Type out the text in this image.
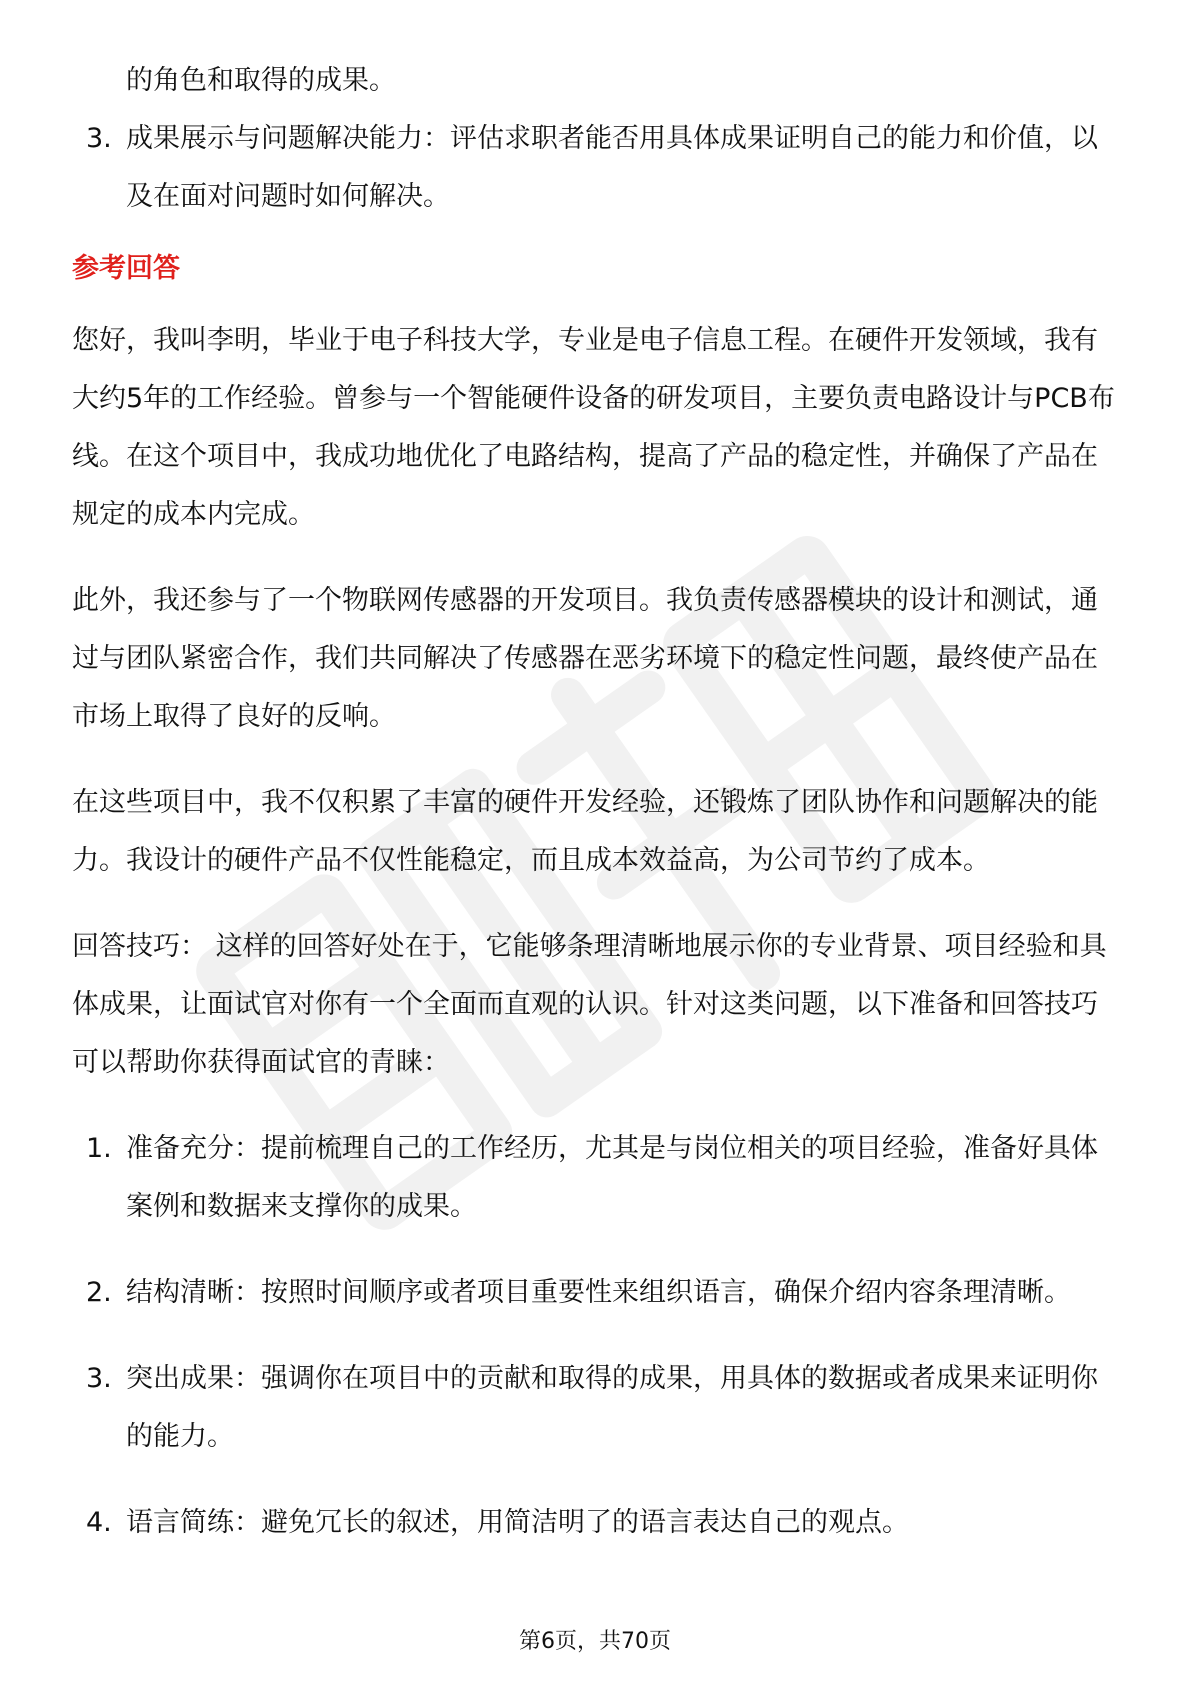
的角色和取得的成果。
3. 成果展示与问题解决能力：评估求职者能否用具体成果证明自己的能力和价值，以及在面对问题时如何解决。
参考回答

您好，我叫李明，毕业于电子科技大学，专业是电子信息工程。在硬件开发领域，我有大约5年的工作经验。曾参与一个智能硬件设备的研发项目，主要负责电路设计与PCB布线。在这个项目中，我成功地优化了电路结构，提高了产品的稳定性，并确保了产品在规定的成本内完成。

此外，我还参与了一个物联网传感器的开发项目。我负责传感器模块的设计和测试，通过与团队紧密合作，我们共同解决了传感器在恶劣环境下的稳定性问题，最终使产品在市场上取得了良好的反响。

在这些项目中，我不仅积累了丰富的硬件开发经验，还锻炼了团队协作和问题解决的能力。我设计的硬件产品不仅性能稳定，而且成本效益高，为公司节约了成本。

回答技巧： 这样的回答好处在于，它能够条理清晰地展示你的专业背景、项目经验和具体成果，让面试官对你有一个全面而直观的认识。针对这类问题，以下准备和回答技巧可以帮助你获得面试官的青睐：

1. 准备充分：提前梳理自己的工作经历，尤其是与岗位相关的项目经验，准备好具体案例和数据来支撑你的成果。
2. 结构清晰：按照时间顺序或者项目重要性来组织语言，确保介绍内容条理清晰。
3. 突出成果：强调你在项目中的贡献和取得的成果，用具体的数据或者成果来证明你的能力。
4. 语言简练：避免冗长的叙述，用简洁明了的语言表达自己的观点。
第6页，共70页
